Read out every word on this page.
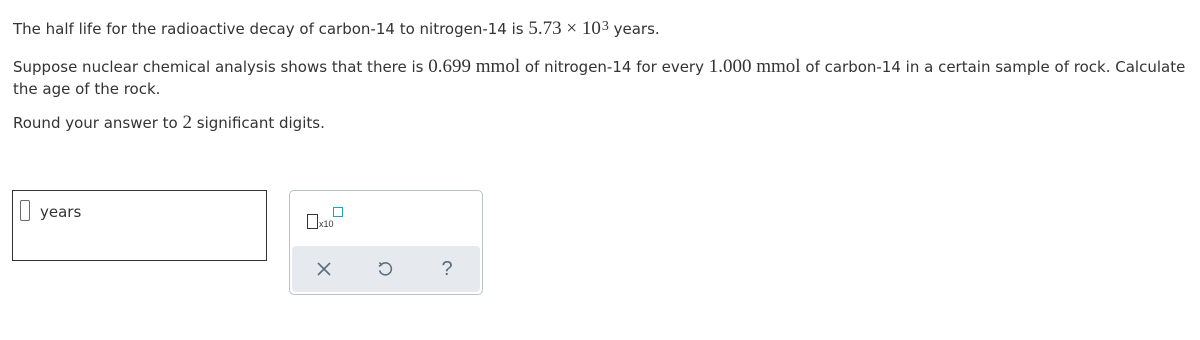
The half life for the radioactive decay of carbon-14 to nitrogen-14 is $5.73 \times 10^3$ years.
Suppose nuclear chemical analysis shows that there is 0.699 mmol of nitrogen-14 for every 1.000 mmol of carbon-14 in a certain sample of rock. Calculate the age of the rock.
Round your answer to 2 significant digits.
years
x10
?
